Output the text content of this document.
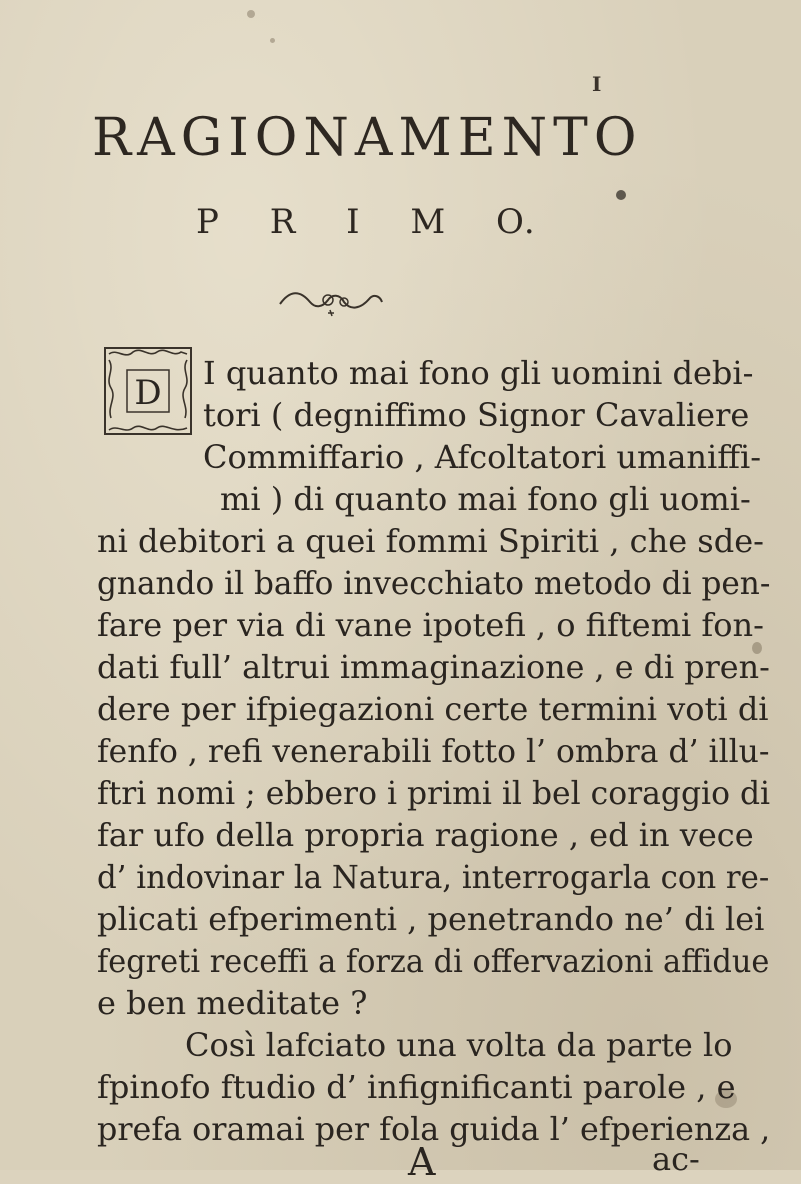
I
RAGIONAMENTO
P R I M O.
D I quanto mai fono gli uomini debi-
tori ( degniffimo Signor Cavaliere
Commiffario , Afcoltatori umaniffi-
mi ) di quanto mai fono gli uomi-
ni debitori a quei fommi Spiriti , che sde-
gnando il baffo invecchiato metodo di pen-
fare per via di vane ipotefi , o fiftemi fon-
dati full’ altrui immaginazione , e di pren-
dere per ifpiegazioni certe termini voti di
fenfo , refi venerabili fotto l’ ombra d’ illu-
ftri nomi ; ebbero i primi il bel coraggio di
far ufo della propria ragione , ed in vece
d’ indovinar la Natura, interrogarla con re-
plicati efperimenti , penetrando ne’ di lei
fegreti receffi a forza di offervazioni affidue
e ben meditate ?
Così lafciato una volta da parte lo
fpinofo ftudio d’ infignificanti parole , e
prefa oramai per fola guida l’ efperienza ,
A	ac-
